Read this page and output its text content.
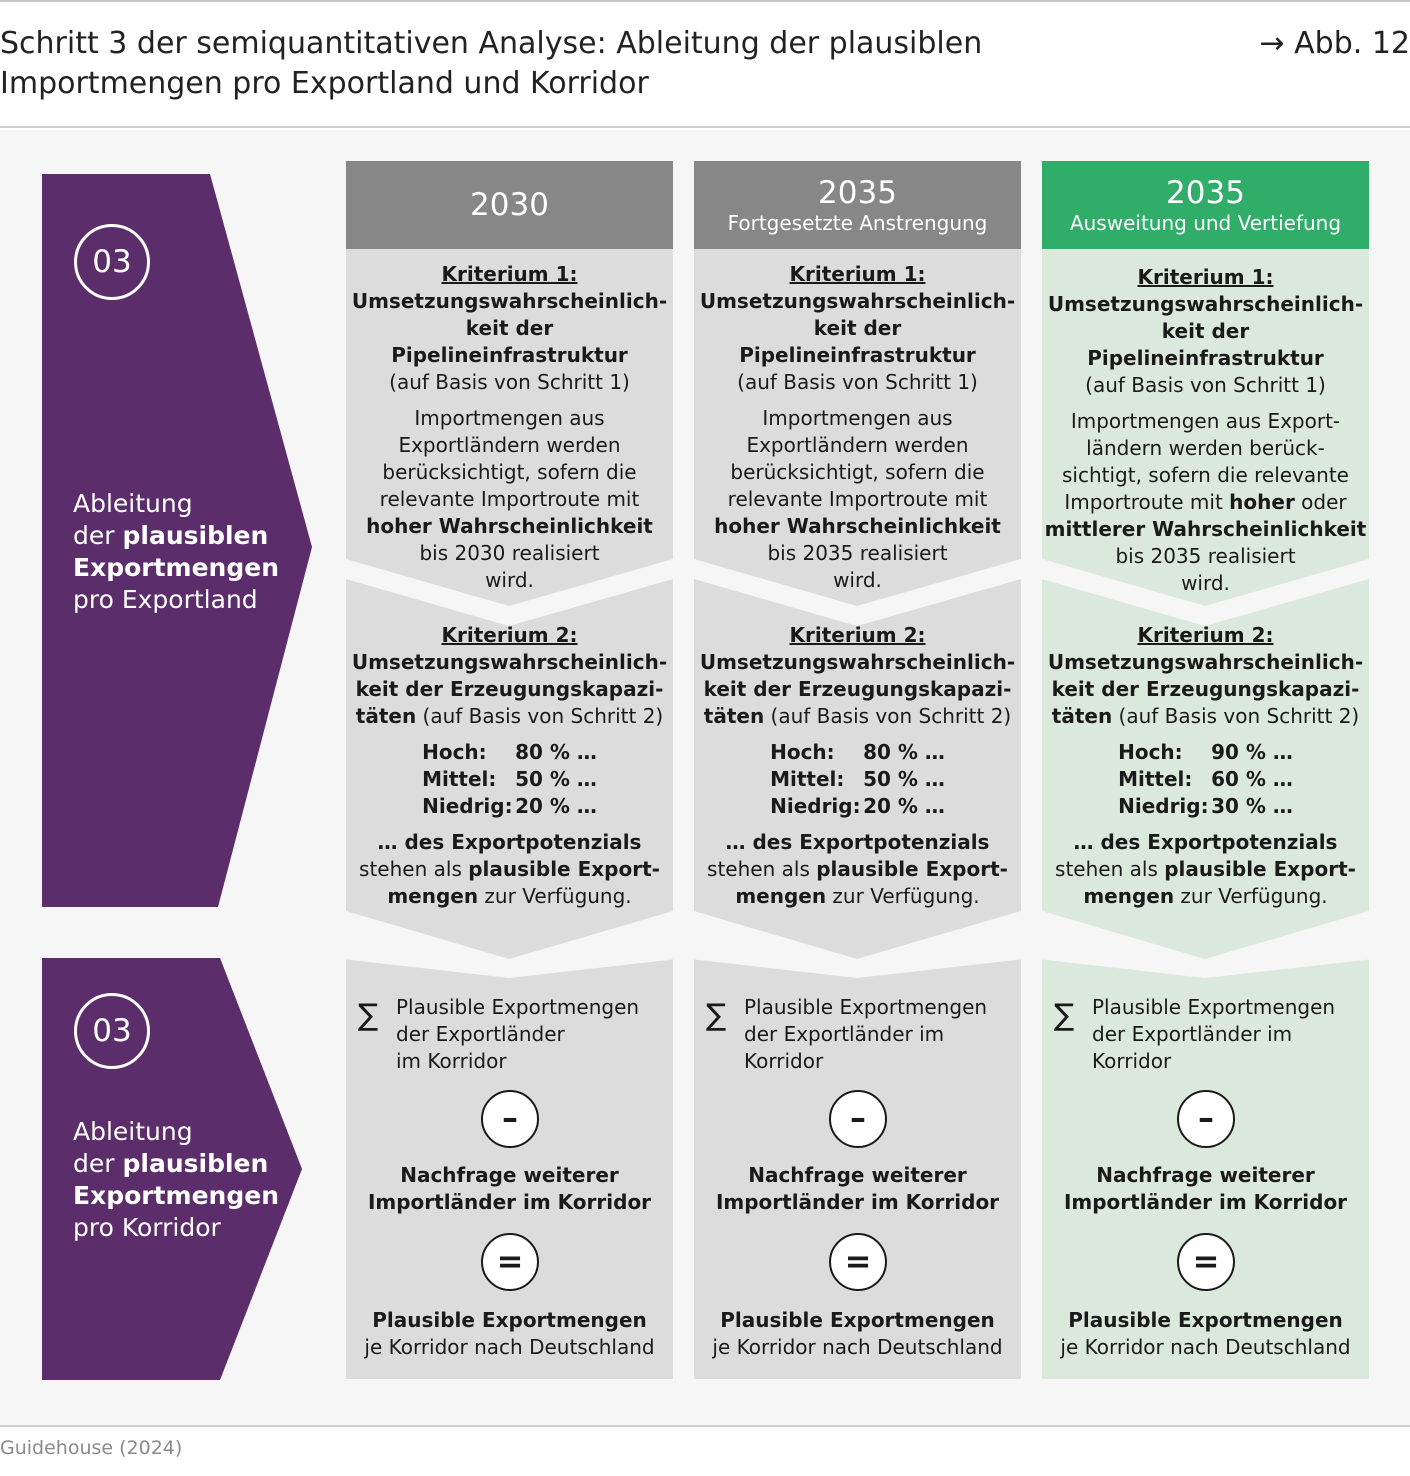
Schritt 3 der semiquantitativen Analyse: Ableitung der plausiblen Importmengen pro Exportland und Korridor
→ Abb. 12
03
Ableitung
der plausiblen
Exportmengen
pro Exportland
03
Ableitung
der plausiblen
Exportmengen
pro Korridor
2030
Kriterium 1:
Umsetzungswahrscheinlich-
keit der Pipelineinfrastruktur
(auf Basis von Schritt 1)
Importmengen aus
Exportländern werden
berücksichtigt, sofern die
relevante Importroute mit
hoher Wahrscheinlichkeit
bis 2030 realisiert
wird.
Kriterium 2:
Umsetzungswahrscheinlich-
keit der Erzeugungskapazi-
täten (auf Basis von Schritt 2)
Hoch: 80 % …
Mittel: 50 % …
Niedrig: 20 % …
… des Exportpotenzials
stehen als plausible Export-
mengen zur Verfügung.
∑ Plausible Exportmengen
der Exportländer
im Korridor
–
Nachfrage weiterer
Importländer im Korridor
=
Plausible Exportmengen
je Korridor nach Deutschland
2035
Fortgesetzte Anstrengung
Kriterium 1:
Umsetzungswahrscheinlich-
keit der Pipelineinfrastruktur
(auf Basis von Schritt 1)
Importmengen aus
Exportländern werden
berücksichtigt, sofern die
relevante Importroute mit
hoher Wahrscheinlichkeit
bis 2035 realisiert
wird.
Kriterium 2:
Umsetzungswahrscheinlich-
keit der Erzeugungskapazi-
täten (auf Basis von Schritt 2)
Hoch: 80 % …
Mittel: 50 % …
Niedrig: 20 % …
… des Exportpotenzials
stehen als plausible Export-
mengen zur Verfügung.
∑ Plausible Exportmengen
der Exportländer im
Korridor
–
Nachfrage weiterer
Importländer im Korridor
=
Plausible Exportmengen
je Korridor nach Deutschland
2035
Ausweitung und Vertiefung
Kriterium 1:
Umsetzungswahrscheinlich-
keit der Pipelineinfrastruktur
(auf Basis von Schritt 1)
Importmengen aus Export-
ländern werden berück-
sichtigt, sofern die relevante
Importroute mit hoher oder
mittlerer Wahrscheinlichkeit
bis 2035 realisiert
wird.
Kriterium 2:
Umsetzungswahrscheinlich-
keit der Erzeugungskapazi-
täten (auf Basis von Schritt 2)
Hoch: 90 % …
Mittel: 60 % …
Niedrig: 30 % …
… des Exportpotenzials
stehen als plausible Export-
mengen zur Verfügung.
∑ Plausible Exportmengen
der Exportländer im
Korridor
–
Nachfrage weiterer
Importländer im Korridor
=
Plausible Exportmengen
je Korridor nach Deutschland
Guidehouse (2024)
